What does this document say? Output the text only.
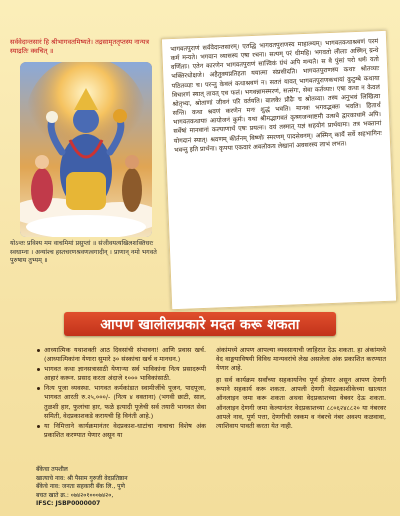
सर्ववेदान्तसारं हि श्रीभागवतमिष्यते। तद्रसामृततृप्तस्य नान्यत्र स्याद्रतिः क्वचित् ॥
योऽन्तः प्रविश्य मम वाचमिमां प्रसुप्तां ॥ संजीवयत्यखिलशक्तिधरः स्वधाम्ना । अन्यांश्च हस्तचरणश्रवणत्वगादीन् । प्राणान् नमो भगवते पुरुषाय तुभ्यम् ॥

भागवतपुराणं सर्ववेदान्तसारम्। एतद्धि भागवतपुराणस्य माहात्म्यम्। भागवतकथाश्रवणं परमं कर्म मन्यते। भगवान व्यासस्य एषा रचना। सत्यम् परं धीमहि। भगवतो लीलाः अस्मिन् ग्रन्थे वर्णिताः। एतेन कारणेन भागवतपुराणं सात्त्विकं ग्रंथं अपि मन्यते। स वै पुंसां परो धर्मः यतो भक्तिरधोक्षजे। अहैतुक्यप्रतिहता ययात्मा संप्रसीदति। भागवतपुराणस्य कथाः श्रोतव्याः पठितव्याः च। परन्तु केवलं कथाश्रवणं न। सततं यावत् भागवतपुराणकथायां कुटुम्बे कथाया विचारणं स्यात् तावत् एव फलं। भगवन्नामस्मरणं, सत्संगः, सेवा कर्तव्याः। एषा कथा न केवलं श्रोतृभ्यः, श्रोताणां जीवनं परि वर्तयति। बालकैः प्रौढैः च श्रोतव्या। तस्य अनुभवं लिखित्वा सन्ति। कथा श्रवणं करणेन मनः शुद्धं भवति। मानवः भगवद्भक्तः भवति। हितार्थं भागवतकथायाः आयोजनं कुर्मः। यथा श्रीमद्भागवतं कृष्णजन्माष्टमी उत्सवे द्वारकाधामे अपि। सर्वेषां मानवानां कल्याणार्थं एषः प्रयत्नः। वयं तस्मात् यज्ञं सहयोगं प्रार्थयामः। तत्र भक्तानां योगदानं स्यात्। श्रवणम् कीर्तनम् विष्णोः स्मरणम् पादसेवनम्। अस्मिन् कार्ये सर्वे सहभागिनः भवन्तु इति प्रार्थना। कृपया एकवारं अवलोकय लेखानां अवसरस्य लाभं लभत।

आपण खालीलप्रकारे मदत करू शकता
आध्यात्मिक यथाशक्ती आठ दिवसांची संभावना! आणि प्रवास खर्च. (आध्यात्मिकांना येणारा सुमारे ३० संस्कांचा खर्च व मानधन.)
भागवत कथा ज्ञानसत्रासाठी येणाऱ्या सर्व भाविकांना नित्य प्रसादरूपी आहारं करून. प्रसाद करता अंदाजे १००० भाविकांसाठी.
नित्य पूजा व्यवस्था. भागवत कर्मकांडात स्वामीजींचे पूजन, पादपूजा, भागवत आरती रु.२५,०००/- (नित्य ४ वक्ताना) (भगवी छाटी, साल, तुळशी हार, फुलांचा हार, फळे इत्यादी पूजेची सर्व तयारी भागवत सेवा समिती, वेदप्रकाशकडे करायची हि विनंती आहे.)
या निमित्ताने कार्यक्रमानंतर वेदप्रकाश-धाटांचा नाचाचा विशेष अंक प्रकाशित करण्यात येणार असून या
अंकांमध्ये आपण आपल्या व्यवसायाची जाहिरात देऊ शकता. हा अंकांमध्ये वेद वाङ्मयाविषयी विविध मान्यवरांचे लेख असलेला अंक प्रकाशित करण्यात येणार आहे.
हा सर्व कार्यक्रम सर्वांच्या सहकार्यानेच पूर्ण होणार असून आपण देणगी रूपाने सहकार्य करू शकता. आपली देणगी वेदप्रकाशीकेच्या खात्यात ऑनलाइन जमा करू शकता अथवा वेदप्रकाशच्या वेबवर देऊ शकता. ऑनलाइन देणगी जमा केल्यानंतर वेदप्रकाशच्या ८८०६२४८८२० या नंबरवर आपले नाव, पूर्ण पत्ता, देणगीची रक्कम व नंबरचे नंबर अवश्य कळवावा, त्याशिवाय पावती करता येत नाही.
बँकेचा तपशील
खात्याचे नाव: श्री पैसाम गुरुजी वेदप्रतिष्ठान
बँकेचे नाव: जनता सहकारी बँक लि., पुणे
बचत खाते क्र.: ०७४२०१०००७४२०,
IFSC: JSBP0000007
